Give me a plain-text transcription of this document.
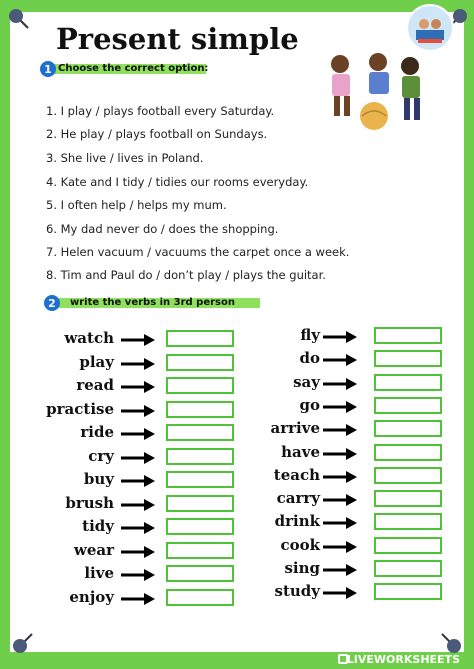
Present simple
1 Choose the correct option:
1. I play / plays football every Saturday.
2. He play / plays football on Sundays.
3. She live / lives in Poland.
4. Kate and I tidy / tidies our rooms everyday.
5. I often help / helps my mum.
6. My dad never do / does the shopping.
7. Helen vacuum / vacuums the carpet once a week.
8. Tim and Paul do / don’t play / plays the guitar.
2	write the verbs in 3rd person
watch
play
read
practise
ride
cry
buy
brush
tidy
wear
live
enjoy
fly
do
say
go
arrive
have
teach
carry
drink
cook
sing
study
LIVEWORKSHEETS
